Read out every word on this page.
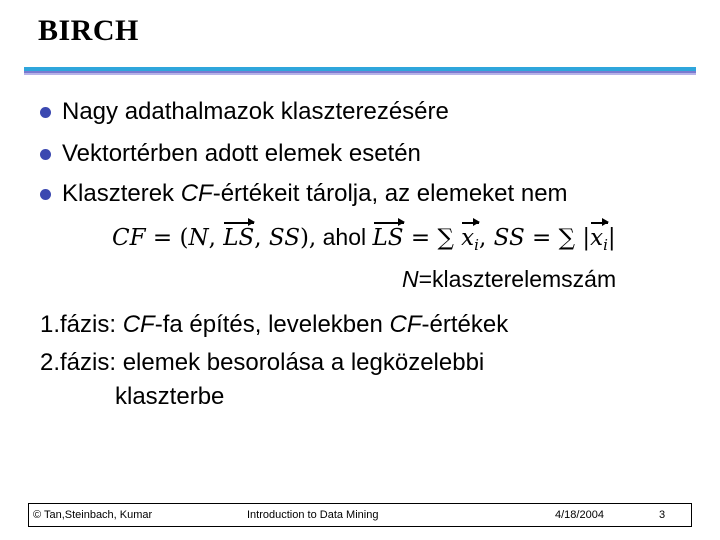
BIRCH
Nagy adathalmazok klaszterezésére
Vektortérben adott elemek esetén
Klaszterek CF-értékeit tárolja, az elemeket nem
CF = (N, LS, SS), ahol LS = ∑ $x_i$, SS = ∑ $|x_i|$
N=klaszterelemszám
1.fázis: CF-fa építés, levelekben CF-értékek
2.fázis: elemek besorolása a legközelebbi
klaszterbe
© Tan,Steinbach, Kumar	Introduction to Data Mining	4/18/2004	3
